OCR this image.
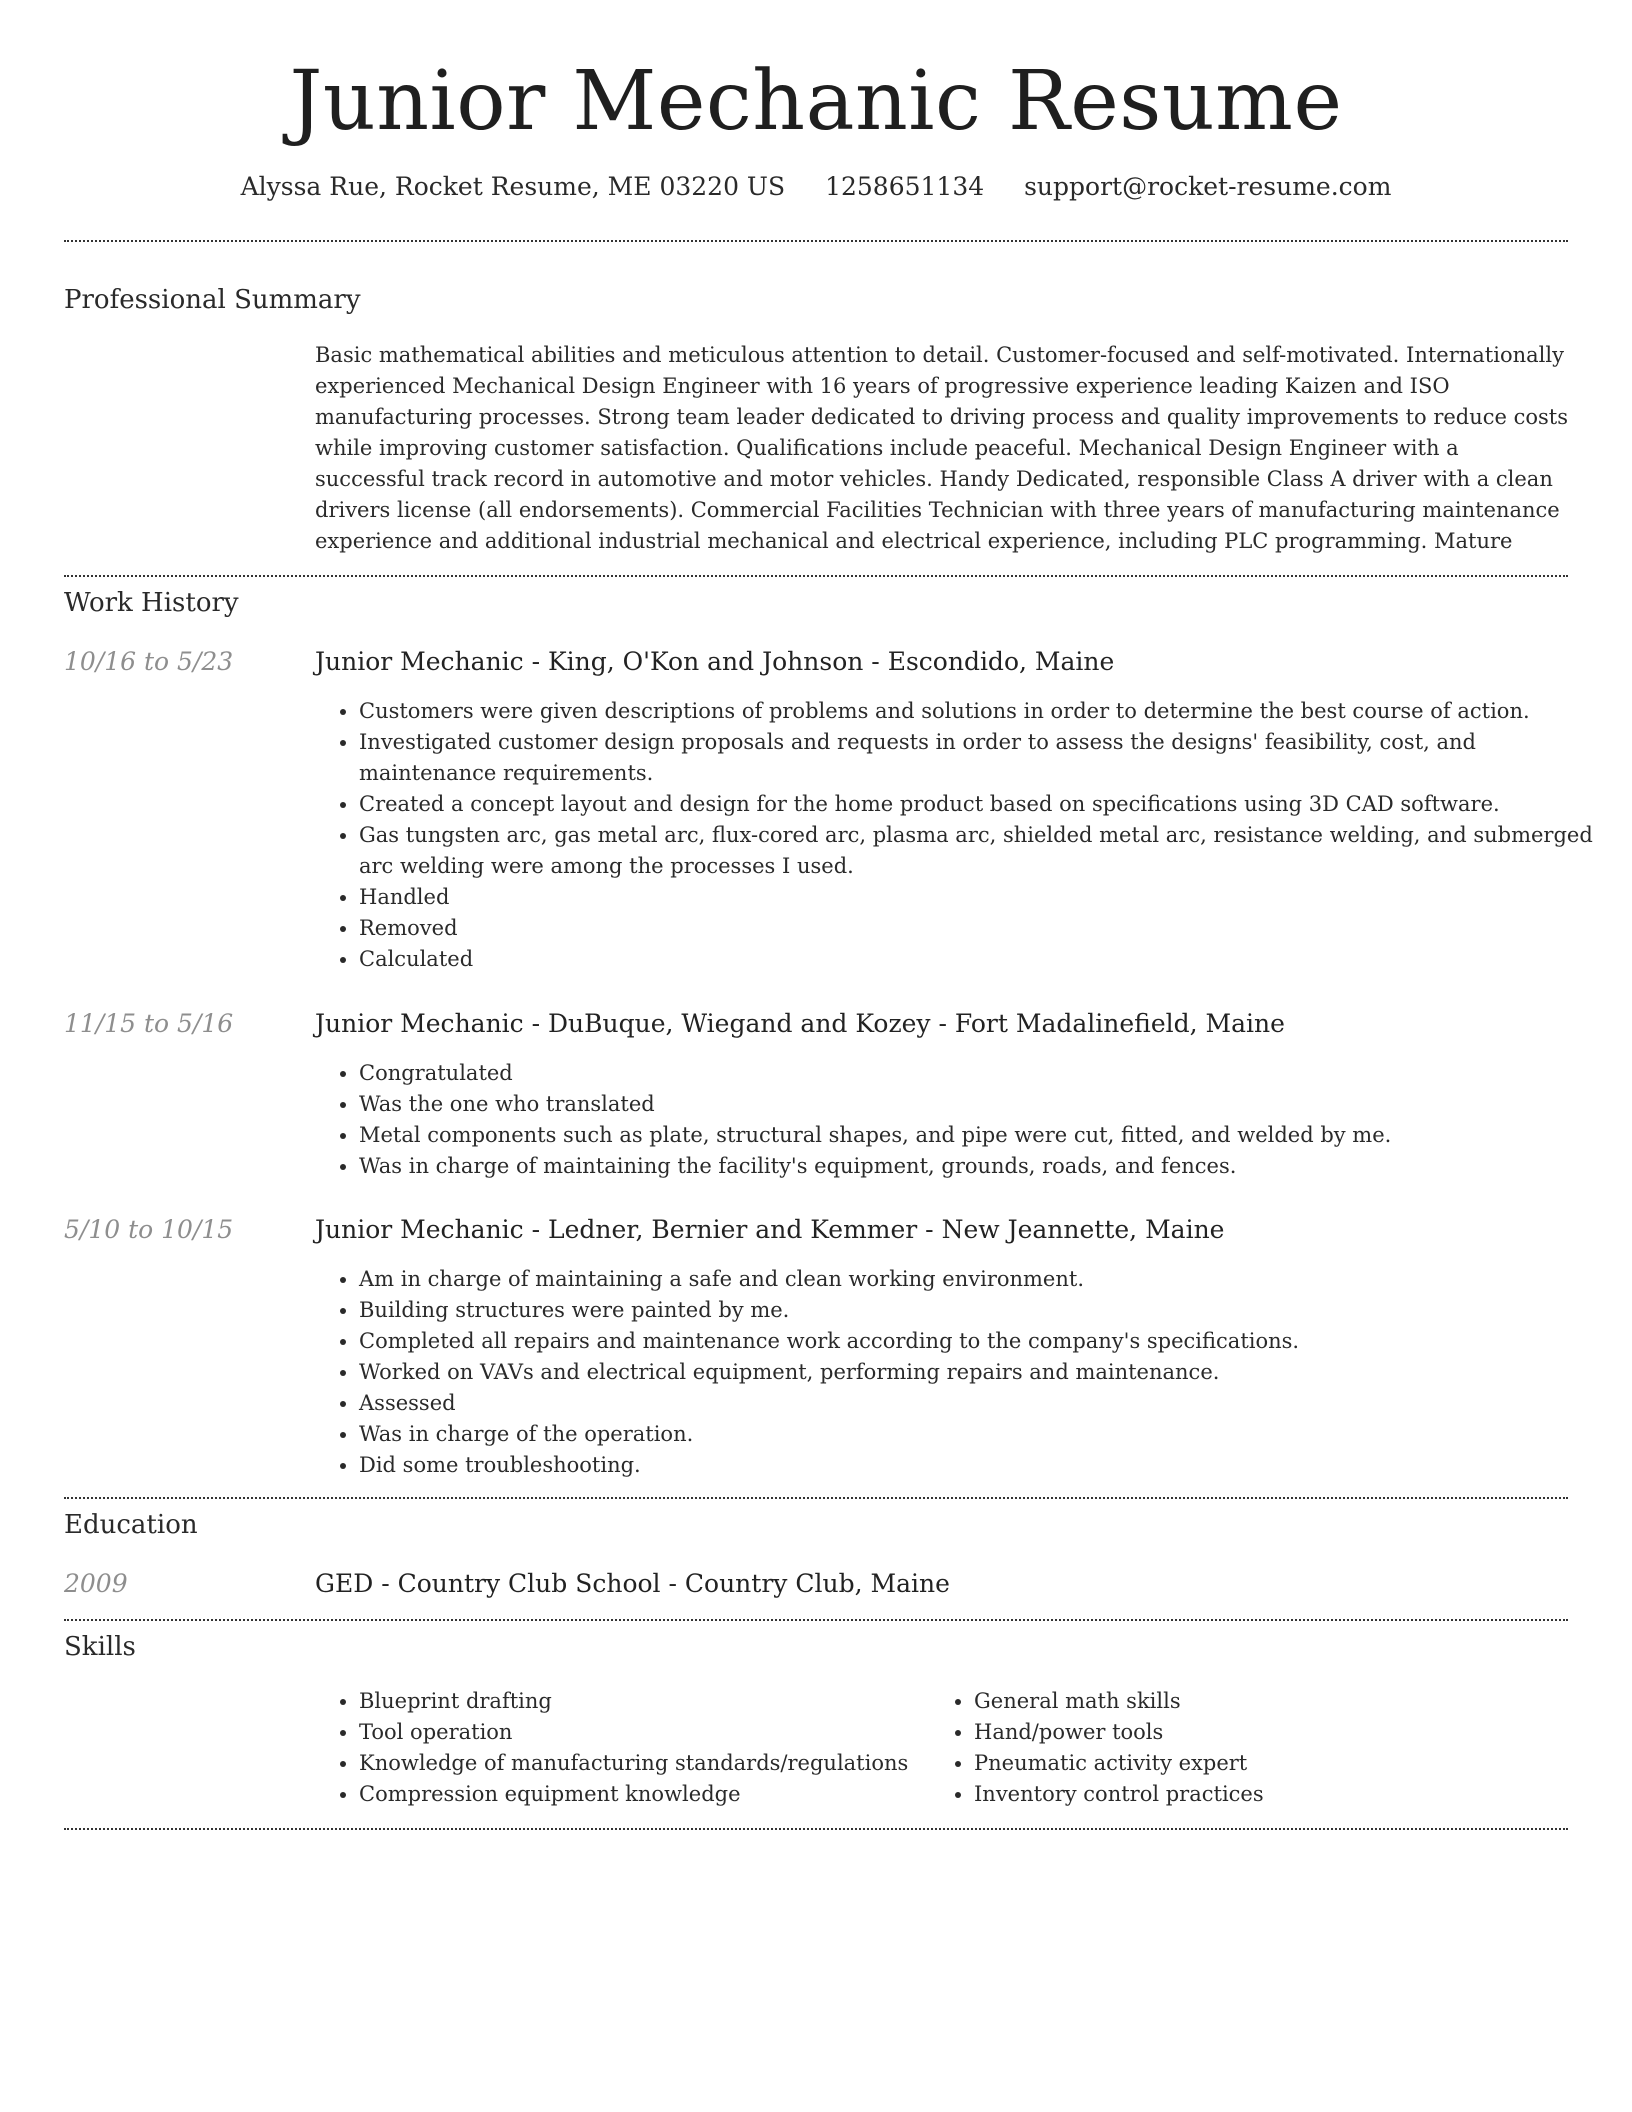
Junior Mechanic Resume
Alyssa Rue, Rocket Resume, ME 03220 US 1258651134 support@rocket-resume.com
Professional Summary
Basic mathematical abilities and meticulous attention to detail. Customer-focused and self-motivated. Internationally experienced Mechanical Design Engineer with 16 years of progressive experience leading Kaizen and ISO manufacturing processes. Strong team leader dedicated to driving process and quality improvements to reduce costs while improving customer satisfaction. Qualifications include peaceful. Mechanical Design Engineer with a successful track record in automotive and motor vehicles. Handy Dedicated, responsible Class A driver with a clean drivers license (all endorsements). Commercial Facilities Technician with three years of manufacturing maintenance experience and additional industrial mechanical and electrical experience, including PLC programming. Mature
Work History
10/16 to 5/23	Junior Mechanic - King, O'Kon and Johnson - Escondido, Maine
• Customers were given descriptions of problems and solutions in order to determine the best course of action.
• Investigated customer design proposals and requests in order to assess the designs' feasibility, cost, and maintenance requirements.
• Created a concept layout and design for the home product based on specifications using 3D CAD software.
• Gas tungsten arc, gas metal arc, flux-cored arc, plasma arc, shielded metal arc, resistance welding, and submerged arc welding were among the processes I used.
• Handled
• Removed
• Calculated
11/15 to 5/16	Junior Mechanic - DuBuque, Wiegand and Kozey - Fort Madalinefield, Maine
• Congratulated
• Was the one who translated
• Metal components such as plate, structural shapes, and pipe were cut, fitted, and welded by me.
• Was in charge of maintaining the facility's equipment, grounds, roads, and fences.
5/10 to 10/15	Junior Mechanic - Ledner, Bernier and Kemmer - New Jeannette, Maine
• Am in charge of maintaining a safe and clean working environment.
• Building structures were painted by me.
• Completed all repairs and maintenance work according to the company's specifications.
• Worked on VAVs and electrical equipment, performing repairs and maintenance.
• Assessed
• Was in charge of the operation.
• Did some troubleshooting.
Education
2009	GED - Country Club School - Country Club, Maine
Skills
• Blueprint drafting
• Tool operation
• Knowledge of manufacturing standards/regulations
• Compression equipment knowledge
• General math skills
• Hand/power tools
• Pneumatic activity expert
• Inventory control practices
